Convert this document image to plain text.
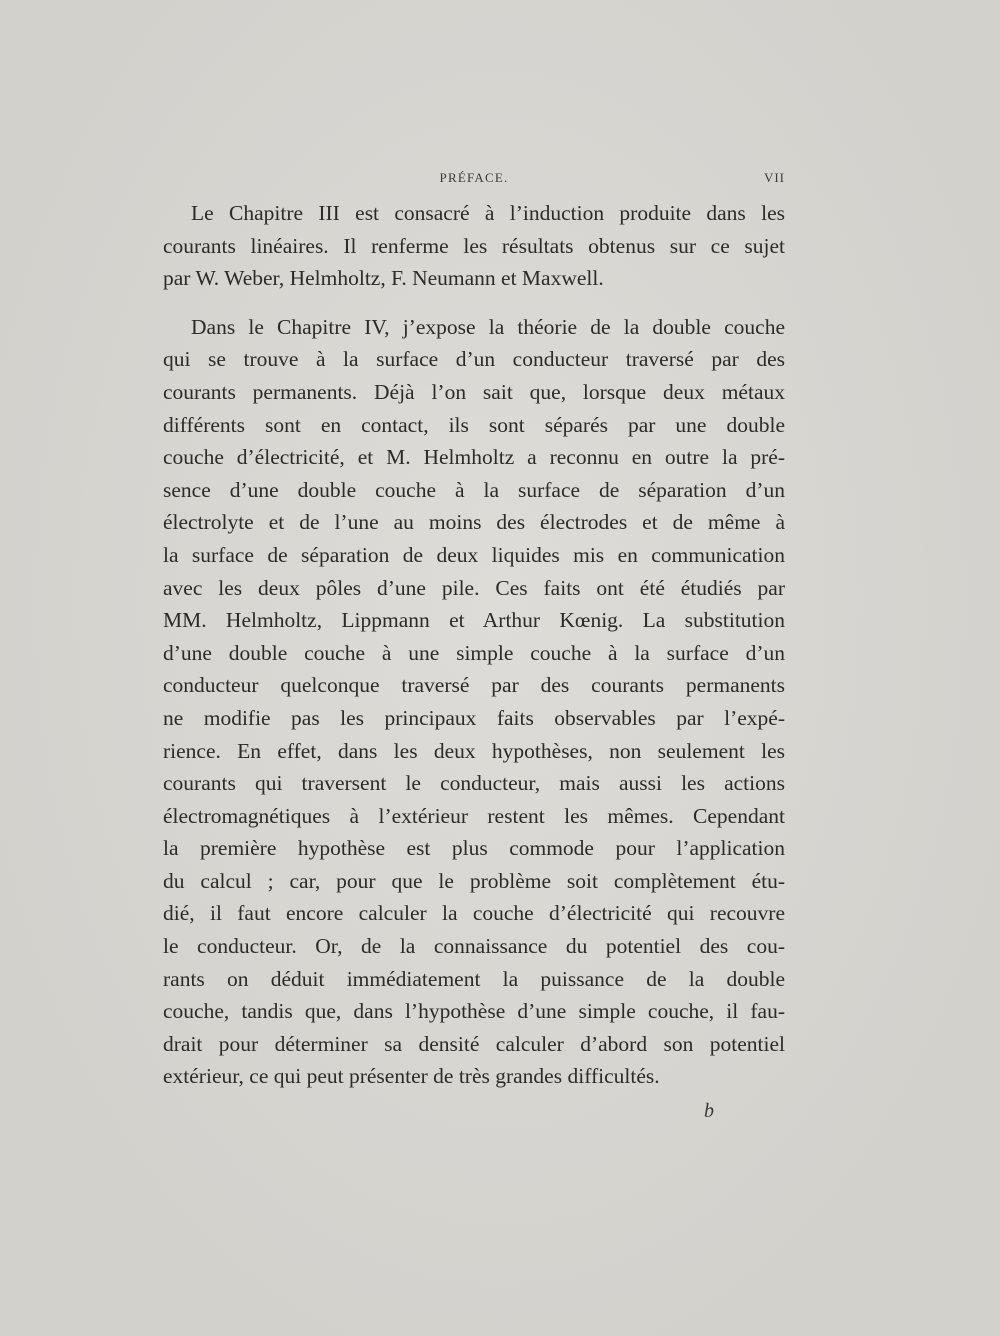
PRÉFACE.	VII
Le Chapitre III est consacré à l’induction produite dans les
courants linéaires. Il renferme les résultats obtenus sur ce sujet
par W. Weber, Helmholtz, F. Neumann et Maxwell.
Dans le Chapitre IV, j’expose la théorie de la double couche
qui se trouve à la surface d’un conducteur traversé par des
courants permanents. Déjà l’on sait que, lorsque deux métaux
différents sont en contact, ils sont séparés par une double
couche d’électricité, et M. Helmholtz a reconnu en outre la pré-
sence d’une double couche à la surface de séparation d’un
électrolyte et de l’une au moins des électrodes et de même à
la surface de séparation de deux liquides mis en communication
avec les deux pôles d’une pile. Ces faits ont été étudiés par
MM. Helmholtz, Lippmann et Arthur Kœnig. La substitution
d’une double couche à une simple couche à la surface d’un
conducteur quelconque traversé par des courants permanents
ne modifie pas les principaux faits observables par l’expé-
rience. En effet, dans les deux hypothèses, non seulement les
courants qui traversent le conducteur, mais aussi les actions
électromagnétiques à l’extérieur restent les mêmes. Cependant
la première hypothèse est plus commode pour l’application
du calcul ; car, pour que le problème soit complètement étu-
dié, il faut encore calculer la couche d’électricité qui recouvre
le conducteur. Or, de la connaissance du potentiel des cou-
rants on déduit immédiatement la puissance de la double
couche, tandis que, dans l’hypothèse d’une simple couche, il fau-
drait pour déterminer sa densité calculer d’abord son potentiel
extérieur, ce qui peut présenter de très grandes difficultés.
b
